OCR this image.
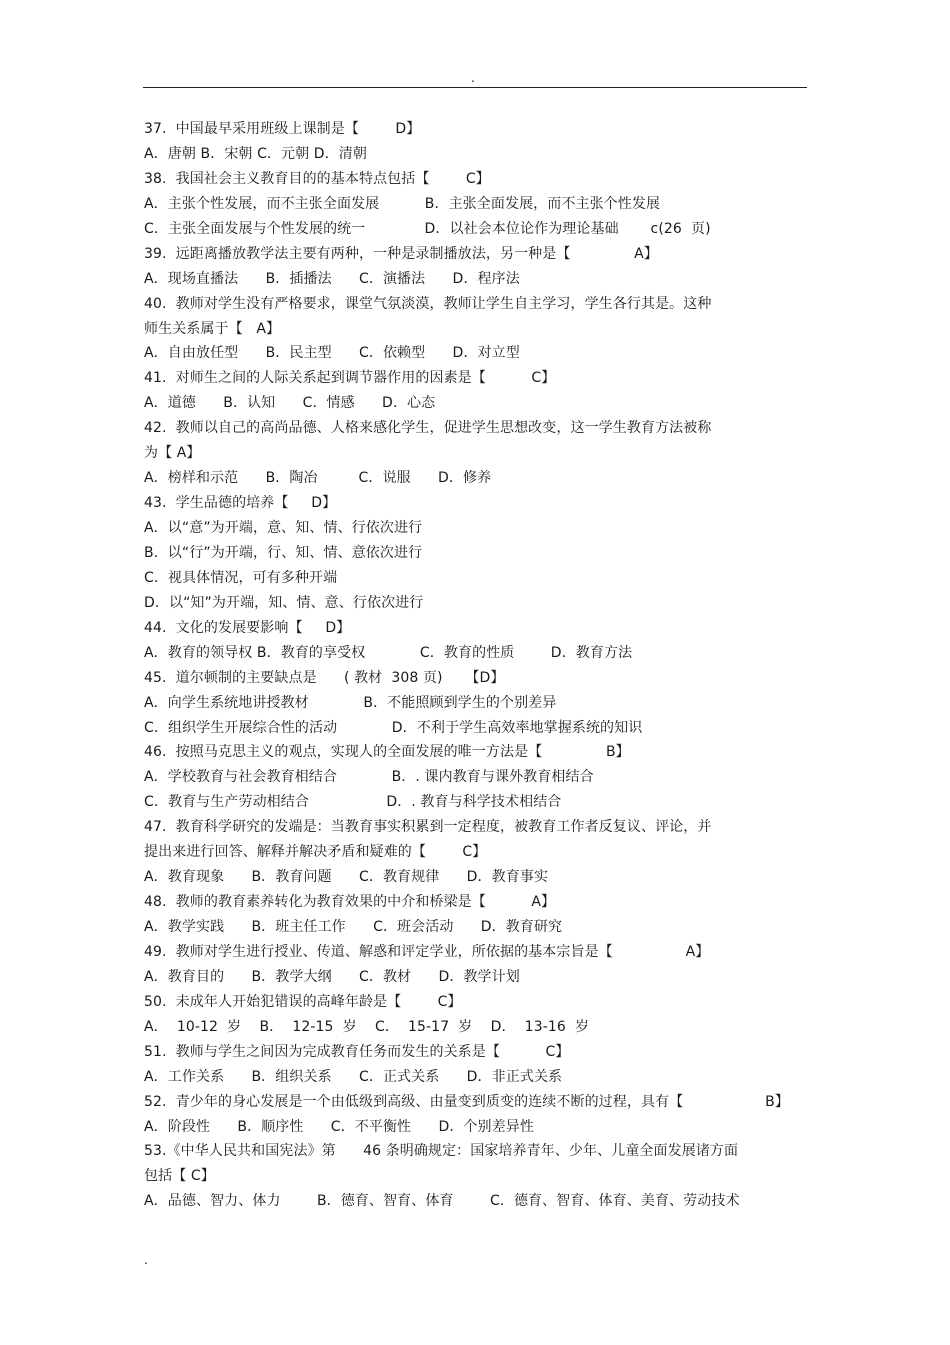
.
37.  中国最早采用班级上课制是【        D】
A．唐朝 B．宋朝 C．元朝 D．清朝
38.  我国社会主义教育目的的基本特点包括【        C】
A．主张个性发展，而不主张全面发展          B．主张全面发展，而不主张个性发展
C．主张全面发展与个性发展的统一             D．以社会本位论作为理论基础       c(26  页)
39.  远距离播放教学法主要有两种，一种是录制播放法，另一种是【              A】
A．现场直播法      B．插播法      C．演播法      D．程序法
40.  教师对学生没有严格要求，课堂气氛淡漠，教师让学生自主学习，学生各行其是。这种
师生关系属于【   A】
A．自由放任型      B．民主型      C．依赖型      D．对立型
41.  对师生之间的人际关系起到调节器作用的因素是【          C】
A．道德      B．认知      C．情感      D．心态
42.  教师以自己的高尚品德、人格来感化学生，促进学生思想改变，这一学生教育方法被称
为【 A】
A．榜样和示范      B．陶冶         C．说服      D．修养
43.  学生品德的培养【     D】
A．以“意”为开端，意、知、情、行依次进行
B．以“行”为开端，行、知、情、意依次进行
C．视具体情况，可有多种开端
D．以“知”为开端，知、情、意、行依次进行
44.  文化的发展要影响【     D】
A．教育的领导权 B．教育的享受权            C．教育的性质        D．教育方法
45.  道尔顿制的主要缺点是      ( 教材  308 页)     【D】
A．向学生系统地讲授教材            B．不能照顾到学生的个别差异
C．组织学生开展综合性的活动            D．不利于学生高效率地掌握系统的知识
46.  按照马克思主义的观点，实现人的全面发展的唯一方法是【              B】
A．学校教育与社会教育相结合            B．. 课内教育与课外教育相结合
C．教育与生产劳动相结合                 D．. 教育与科学技术相结合
47.  教育科学研究的发端是：当教育事实积累到一定程度，被教育工作者反复议、评论，并
提出来进行回答、解释并解决矛盾和疑难的【        C】
A．教育现象      B．教育问题      C．教育规律      D．教育事实
48.  教师的教育素养转化为教育效果的中介和桥梁是【          A】
A．教学实践      B．班主任工作      C．班会活动      D．教育研究
49.  教师对学生进行授业、传道、解惑和评定学业，所依据的基本宗旨是【                A】
A．教育目的      B．教学大纲      C．教材      D．教学计划
50.  未成年人开始犯错误的高峰年龄是【        C】
A．  10-12  岁    B．  12-15  岁    C．  15-17  岁    D．  13-16  岁
51.  教师与学生之间因为完成教育任务而发生的关系是【          C】
A．工作关系      B．组织关系      C．正式关系      D．非正式关系
52.  青少年的身心发展是一个由低级到高级、由量变到质变的连续不断的过程，具有【                  B】
A．阶段性      B．顺序性      C．不平衡性      D．个别差异性
53.《中华人民共和国宪法》第      46 条明确规定：国家培养青年、少年、儿童全面发展诸方面
包括【 C】
A．品德、智力、体力        B．德育、智育、体育        C．德育、智育、体育、美育、劳动技术
.
